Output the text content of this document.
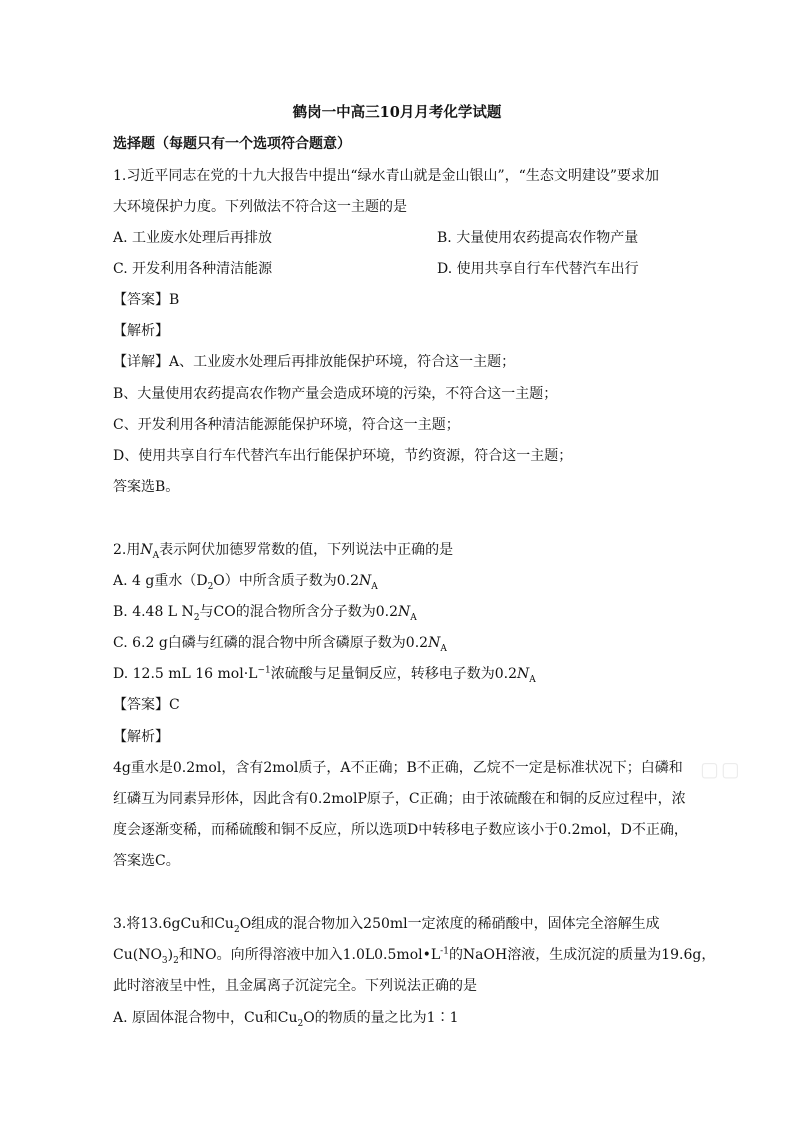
鹤岗一中高三10月月考化学试题
选择题（每题只有一个选项符合题意）
1.习近平同志在党的十九大报告中提出“绿水青山就是金山银山”，“生态文明建设”要求加
大环境保护力度。下列做法不符合这一主题的是
A. 工业废水处理后再排放	B. 大量使用农药提高农作物产量
C. 开发利用各种清洁能源	D. 使用共享自行车代替汽车出行
【答案】B
【解析】
【详解】A、工业废水处理后再排放能保护环境，符合这一主题；
B、大量使用农药提高农作物产量会造成环境的污染，不符合这一主题；
C、开发利用各种清洁能源能保护环境，符合这一主题；
D、使用共享自行车代替汽车出行能保护环境，节约资源，符合这一主题；
答案选B。
2.用$N_A$表示阿伏加德罗常数的值，下列说法中正确的是
A. 4 g重水$(D_2O)$中所含质子数为$0.2N_A$
B. 4.48 L $N_2$与CO的混合物所含分子数为$0.2N_A$
C. 6.2 g白磷与红磷的混合物中所含磷原子数为$0.2N_A$
D. 12.5 mL 16 $mol\cdot L^{-1}$浓硫酸与足量铜反应，转移电子数为$0.2N_A$
【答案】C
【解析】
4g重水是0.2mol，含有2mol质子，A不正确；B不正确，乙烷不一定是标准状况下；白磷和
红磷互为同素异形体，因此含有0.2molP原子，C正确；由于浓硫酸在和铜的反应过程中，浓
度会逐渐变稀，而稀硫酸和铜不反应，所以选项D中转移电子数应该小于0.2mol，D不正确，
答案选C。
3.将13.6gCu和$Cu_2O$组成的混合物加入250ml一定浓度的稀硝酸中，固体完全溶解生成
$Cu(NO_3)_2$和NO。向所得溶液中加入$1.0L0.5mol•L^{-1}$的NaOH溶液，生成沉淀的质量为19.6g，
此时溶液呈中性，且金属离子沉淀完全。下列说法正确的是
A. 原固体混合物中，Cu和$Cu_2O$的物质的量之比为1∶1
▢▢
